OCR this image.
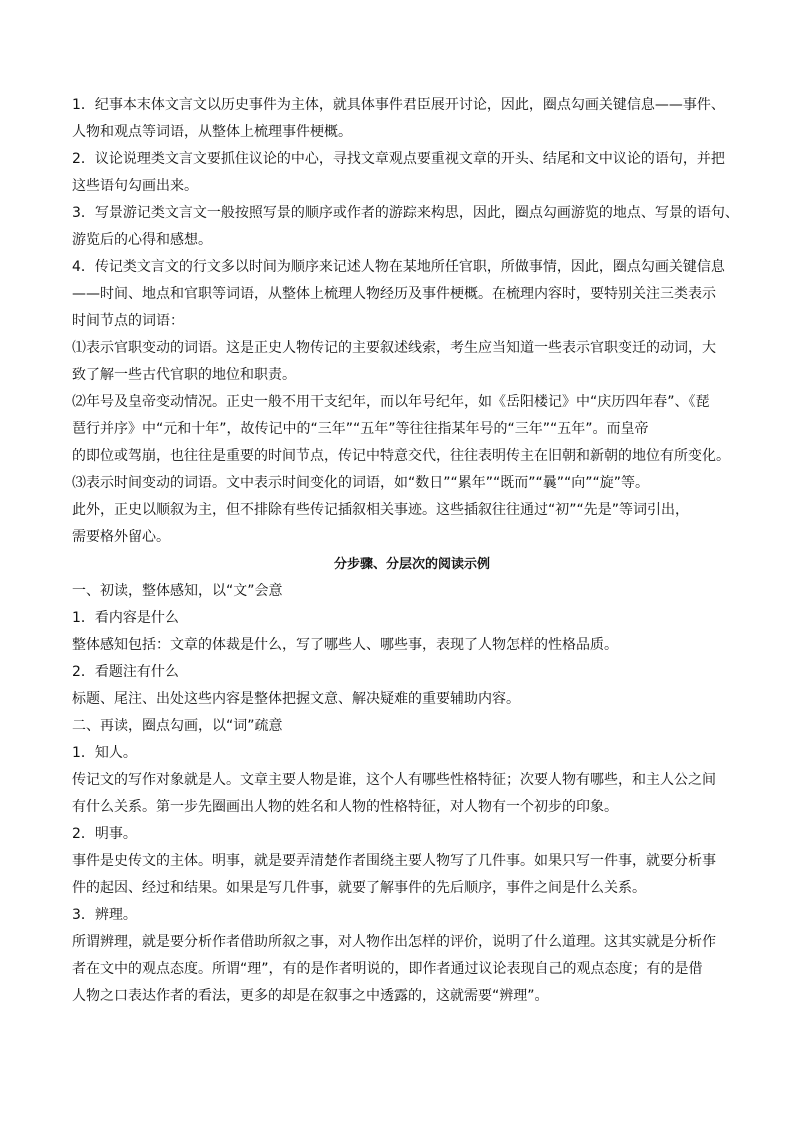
1．纪事本末体文言文以历史事件为主体，就具体事件君臣展开讨论，因此，圈点勾画关键信息——事件、
人物和观点等词语，从整体上梳理事件梗概。
2．议论说理类文言文要抓住议论的中心，寻找文章观点要重视文章的开头、结尾和文中议论的语句，并把
这些语句勾画出来。
3．写景游记类文言文一般按照写景的顺序或作者的游踪来构思，因此，圈点勾画游览的地点、写景的语句、
游览后的心得和感想。
4．传记类文言文的行文多以时间为顺序来记述人物在某地所任官职，所做事情，因此，圈点勾画关键信息
——时间、地点和官职等词语，从整体上梳理人物经历及事件梗概。在梳理内容时，要特别关注三类表示
时间节点的词语：
⑴表示官职变动的词语。这是正史人物传记的主要叙述线索，考生应当知道一些表示官职变迁的动词，大
致了解一些古代官职的地位和职责。
⑵年号及皇帝变动情况。正史一般不用干支纪年，而以年号纪年，如《岳阳楼记》中“庆历四年春”、《琵
琶行并序》中“元和十年”，故传记中的“三年”“五年”等往往指某年号的“三年”“五年”。而皇帝
的即位或驾崩，也往往是重要的时间节点，传记中特意交代，往往表明传主在旧朝和新朝的地位有所变化。
⑶表示时间变动的词语。文中表示时间变化的词语，如“数日”“累年”“既而”“曩”“向”“旋”等。
此外，正史以顺叙为主，但不排除有些传记插叙相关事迹。这些插叙往往通过“初”“先是”等词引出，
需要格外留心。
分步骤、分层次的阅读示例
一、初读，整体感知，以“文”会意
1．看内容是什么
整体感知包括：文章的体裁是什么，写了哪些人、哪些事，表现了人物怎样的性格品质。
2．看题注有什么
标题、尾注、出处这些内容是整体把握文意、解决疑难的重要辅助内容。
二、再读，圈点勾画，以“词”疏意
1．知人。
传记文的写作对象就是人。文章主要人物是谁，这个人有哪些性格特征；次要人物有哪些，和主人公之间
有什么关系。第一步先圈画出人物的姓名和人物的性格特征，对人物有一个初步的印象。
2．明事。
事件是史传文的主体。明事，就是要弄清楚作者围绕主要人物写了几件事。如果只写一件事，就要分析事
件的起因、经过和结果。如果是写几件事，就要了解事件的先后顺序，事件之间是什么关系。
3．辨理。
所谓辨理，就是要分析作者借助所叙之事，对人物作出怎样的评价，说明了什么道理。这其实就是分析作
者在文中的观点态度。所谓“理”，有的是作者明说的，即作者通过议论表现自己的观点态度；有的是借
人物之口表达作者的看法，更多的却是在叙事之中透露的，这就需要“辨理”。
